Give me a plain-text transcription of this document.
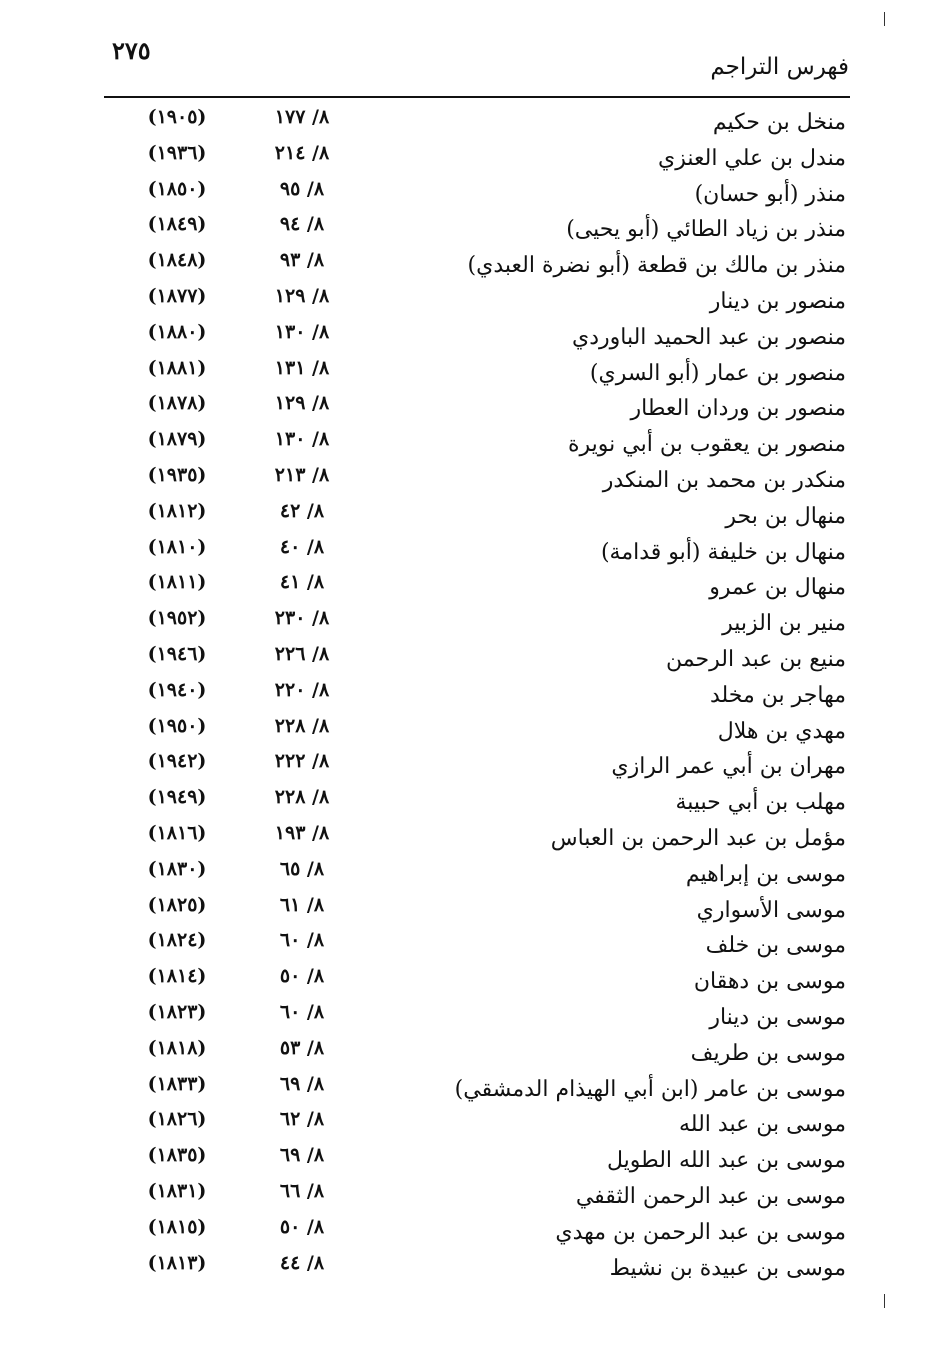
٢٧٥
فهرس التراجم
منخل بن حكيم
٨/ ١٧٧
(١٩٠٥)
مندل بن علي العنزي
٨/ ٢١٤
(١٩٣٦)
منذر (أبو حسان)
٨/ ٩٥
(١٨٥٠)
منذر بن زياد الطائي (أبو يحيى)
٨/ ٩٤
(١٨٤٩)
منذر بن مالك بن قطعة (أبو نضرة العبدي)
٨/ ٩٣
(١٨٤٨)
منصور بن دينار
٨/ ١٢٩
(١٨٧٧)
منصور بن عبد الحميد الباوردي
٨/ ١٣٠
(١٨٨٠)
منصور بن عمار (أبو السري)
٨/ ١٣١
(١٨٨١)
منصور بن وردان العطار
٨/ ١٢٩
(١٨٧٨)
منصور بن يعقوب بن أبي نويرة
٨/ ١٣٠
(١٨٧٩)
منكدر بن محمد بن المنكدر
٨/ ٢١٣
(١٩٣٥)
منهال بن بحر
٨/ ٤٢
(١٨١٢)
منهال بن خليفة (أبو قدامة)
٨/ ٤٠
(١٨١٠)
منهال بن عمرو
٨/ ٤١
(١٨١١)
منير بن الزبير
٨/ ٢٣٠
(١٩٥٢)
منيع بن عبد الرحمن
٨/ ٢٢٦
(١٩٤٦)
مهاجر بن مخلد
٨/ ٢٢٠
(١٩٤٠)
مهدي بن هلال
٨/ ٢٢٨
(١٩٥٠)
مهران بن أبي عمر الرازي
٨/ ٢٢٢
(١٩٤٢)
مهلب بن أبي حبيبة
٨/ ٢٢٨
(١٩٤٩)
مؤمل بن عبد الرحمن بن العباس
٨/ ١٩٣
(١٨١٦)
موسى بن إبراهيم
٨/ ٦٥
(١٨٣٠)
موسى الأسواري
٨/ ٦١
(١٨٢٥)
موسى بن خلف
٨/ ٦٠
(١٨٢٤)
موسى بن دهقان
٨/ ٥٠
(١٨١٤)
موسى بن دينار
٨/ ٦٠
(١٨٢٣)
موسى بن طريف
٨/ ٥٣
(١٨١٨)
موسى بن عامر (ابن أبي الهيذام الدمشقي)
٨/ ٦٩
(١٨٣٣)
موسى بن عبد الله
٨/ ٦٢
(١٨٢٦)
موسى بن عبد الله الطويل
٨/ ٦٩
(١٨٣٥)
موسى بن عبد الرحمن الثقفي
٨/ ٦٦
(١٨٣١)
موسى بن عبد الرحمن بن مهدي
٨/ ٥٠
(١٨١٥)
موسى بن عبيدة بن نشيط
٨/ ٤٤
(١٨١٣)
